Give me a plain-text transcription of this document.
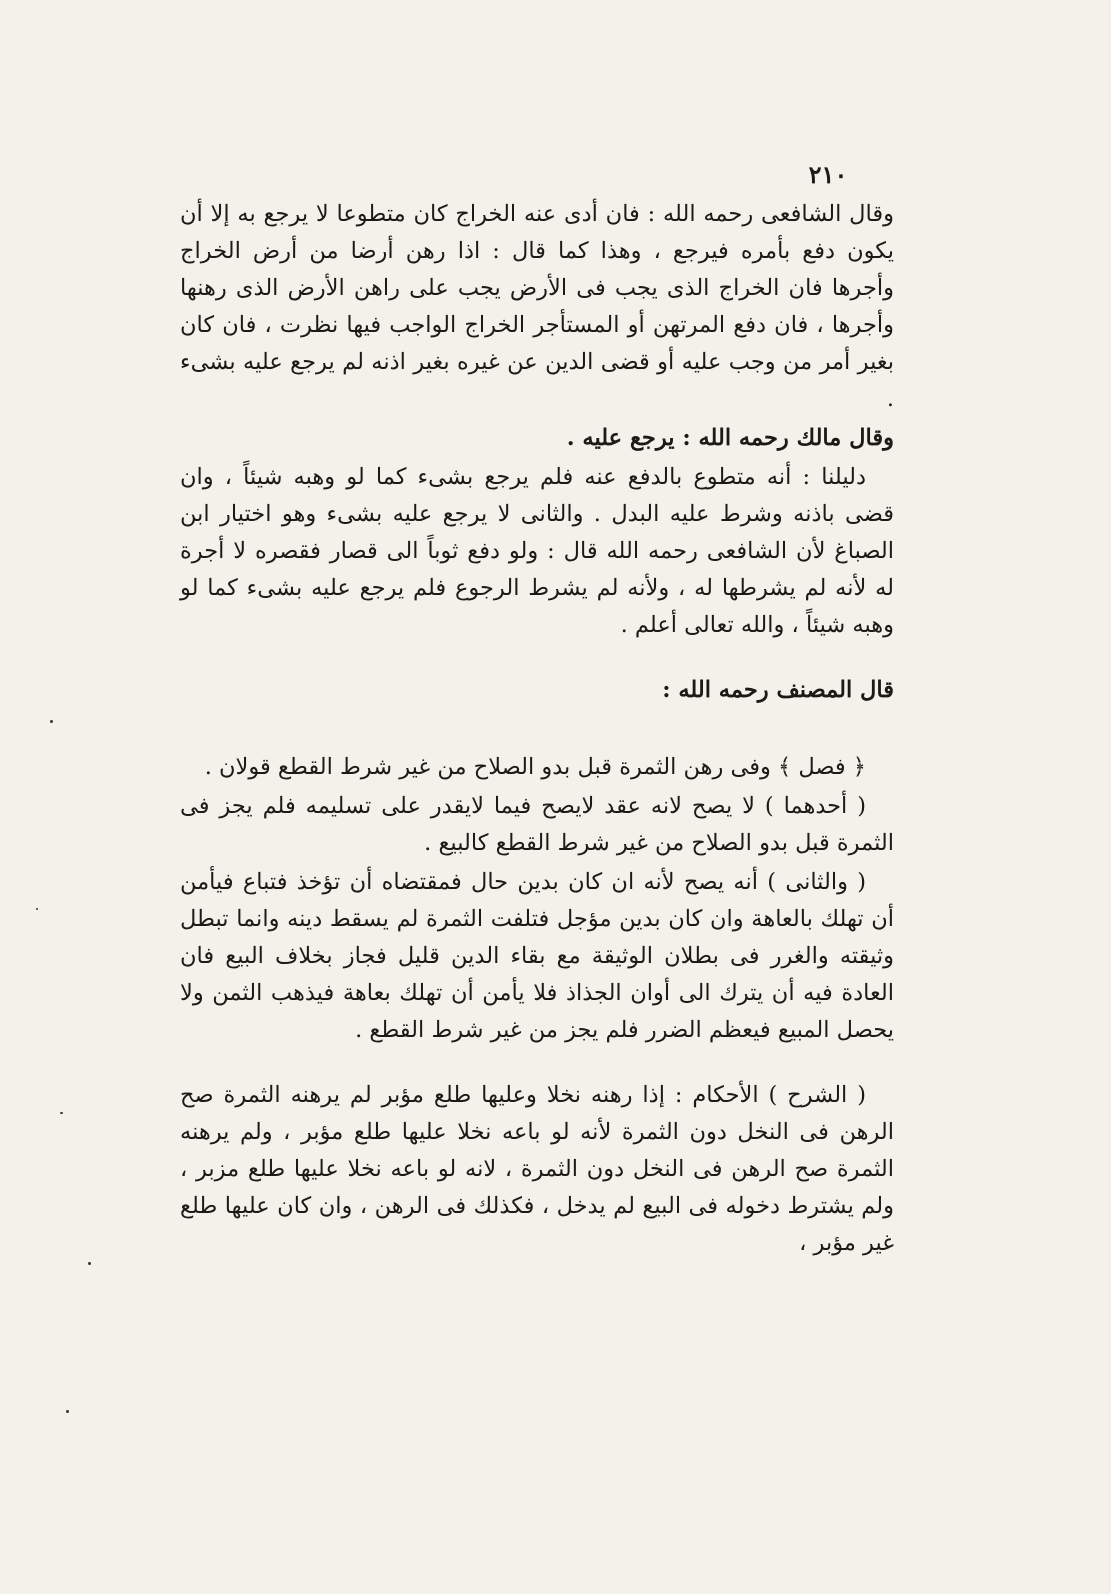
٢١٠

وقال الشافعى رحمه الله : فان أدى عنه الخراج كان متطوعا لا يرجع به إلا أن يكون دفع بأمره فيرجع ، وهذا كما قال : اذا رهن أرضا من أرض الخراج وأجرها فان الخراج الذى يجب فى الأرض يجب على راهن الأرض الذى رهنها وأجرها ، فان دفع المرتهن أو المستأجر الخراج الواجب فيها نظرت ، فان كان بغير أمر من وجب عليه أو قضى الدين عن غيره بغير اذنه لم يرجع عليه بشىء .

وقال مالك رحمه الله : يرجع عليه .

دليلنا : أنه متطوع بالدفع عنه فلم يرجع بشىء كما لو وهبه شيئاً ، وان قضى باذنه وشرط عليه البدل . والثانى لا يرجع عليه بشىء وهو اختيار ابن الصباغ لأن الشافعى رحمه الله قال : ولو دفع ثوباً الى قصار فقصره لا أجرة له لأنه لم يشرطها له ، ولأنه لم يشرط الرجوع فلم يرجع عليه بشىء كما لو وهبه شيئاً ، والله تعالى أعلم .

قال المصنف رحمه الله :

﴿ فصل ﴾ وفى رهن الثمرة قبل بدو الصلاح من غير شرط القطع قولان .

( أحدهما ) لا يصح لانه عقد لايصح فيما لايقدر على تسليمه فلم يجز فى الثمرة قبل بدو الصلاح من غير شرط القطع كالبيع .

( والثانى ) أنه يصح لأنه ان كان بدين حال فمقتضاه أن تؤخذ فتباع فيأمن أن تهلك بالعاهة وان كان بدين مؤجل فتلفت الثمرة لم يسقط دينه وانما تبطل وثيقته والغرر فى بطلان الوثيقة مع بقاء الدين قليل فجاز بخلاف البيع فان العادة فيه أن يترك الى أوان الجذاذ فلا يأمن أن تهلك بعاهة فيذهب الثمن ولا يحصل المبيع فيعظم الضرر فلم يجز من غير شرط القطع .

( الشرح ) الأحكام : إذا رهنه نخلا وعليها طلع مؤبر لم يرهنه الثمرة صح الرهن فى النخل دون الثمرة لأنه لو باعه نخلا عليها طلع مؤبر ، ولم يرهنه الثمرة صح الرهن فى النخل دون الثمرة ، لانه لو باعه نخلا عليها طلع مزبر ، ولم يشترط دخوله فى البيع لم يدخل ، فكذلك فى الرهن ، وان كان عليها طلع غير مؤبر ،
